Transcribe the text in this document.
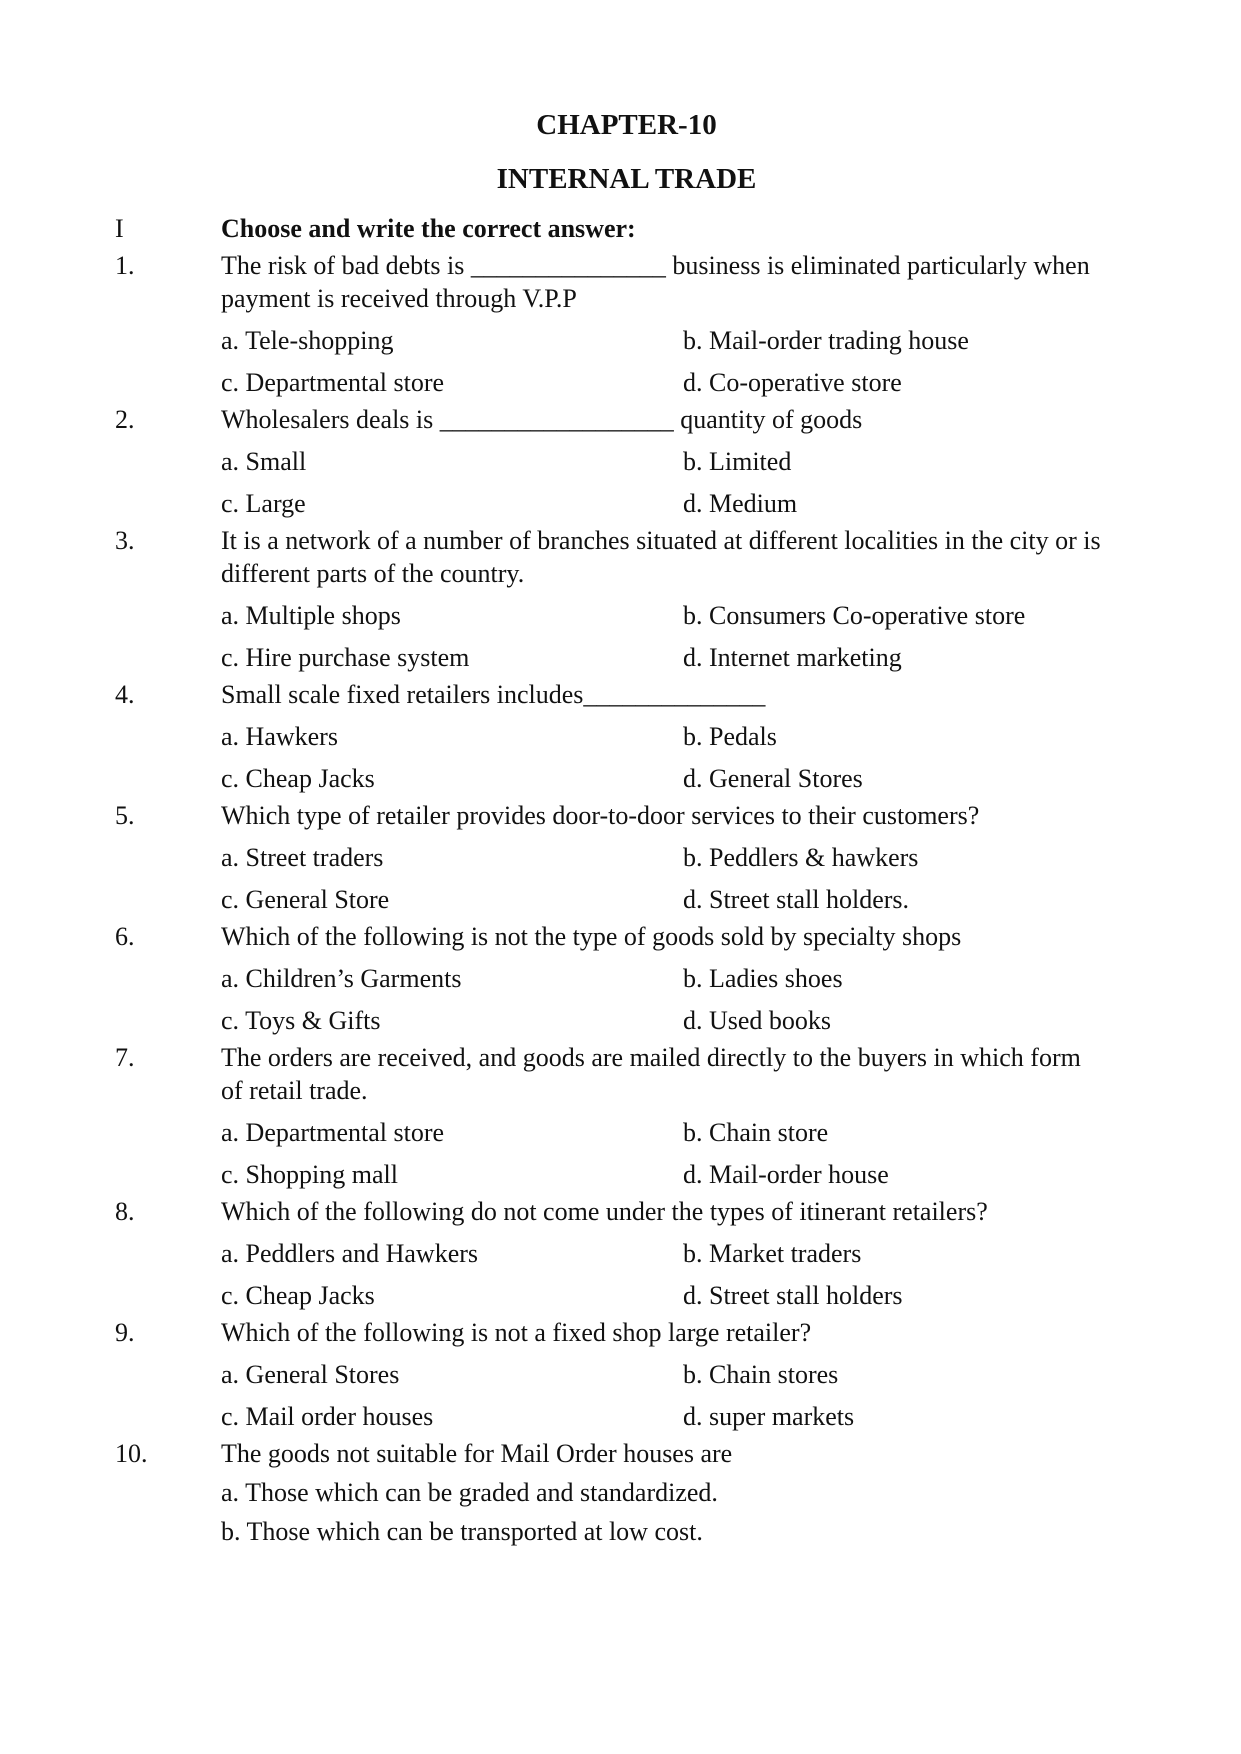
CHAPTER-10
INTERNAL TRADE
I	Choose and write the correct answer:
1.	The risk of bad debts is _______________ business is eliminated particularly when payment is received through V.P.P
a. Tele-shopping	b. Mail-order trading house
c. Departmental store	d. Co-operative store
2.	Wholesalers deals is __________________ quantity of goods
a. Small	b. Limited
c. Large	d. Medium
3.	It is a network of a number of branches situated at different localities in the city or is different parts of the country.
a. Multiple shops	b. Consumers Co-operative store
c. Hire purchase system	d. Internet marketing
4.	Small scale fixed retailers includes______________
a. Hawkers	b. Pedals
c. Cheap Jacks	d. General Stores
5.	Which type of retailer provides door-to-door services to their customers?
a. Street traders	b. Peddlers & hawkers
c. General Store	d. Street stall holders.
6.	Which of the following is not the type of goods sold by specialty shops
a. Children’s Garments	b. Ladies shoes
c. Toys & Gifts	d. Used books
7.	The orders are received, and goods are mailed directly to the buyers in which form of retail trade.
a. Departmental store	b. Chain store
c. Shopping mall	d. Mail-order house
8.	Which of the following do not come under the types of itinerant retailers?
a. Peddlers and Hawkers	b. Market traders
c. Cheap Jacks	d. Street stall holders
9.	Which of the following is not a fixed shop large retailer?
a. General Stores	b. Chain stores
c. Mail order houses	d. super markets
10.	The goods not suitable for Mail Order houses are
a. Those which can be graded and standardized.
b. Those which can be transported at low cost.
